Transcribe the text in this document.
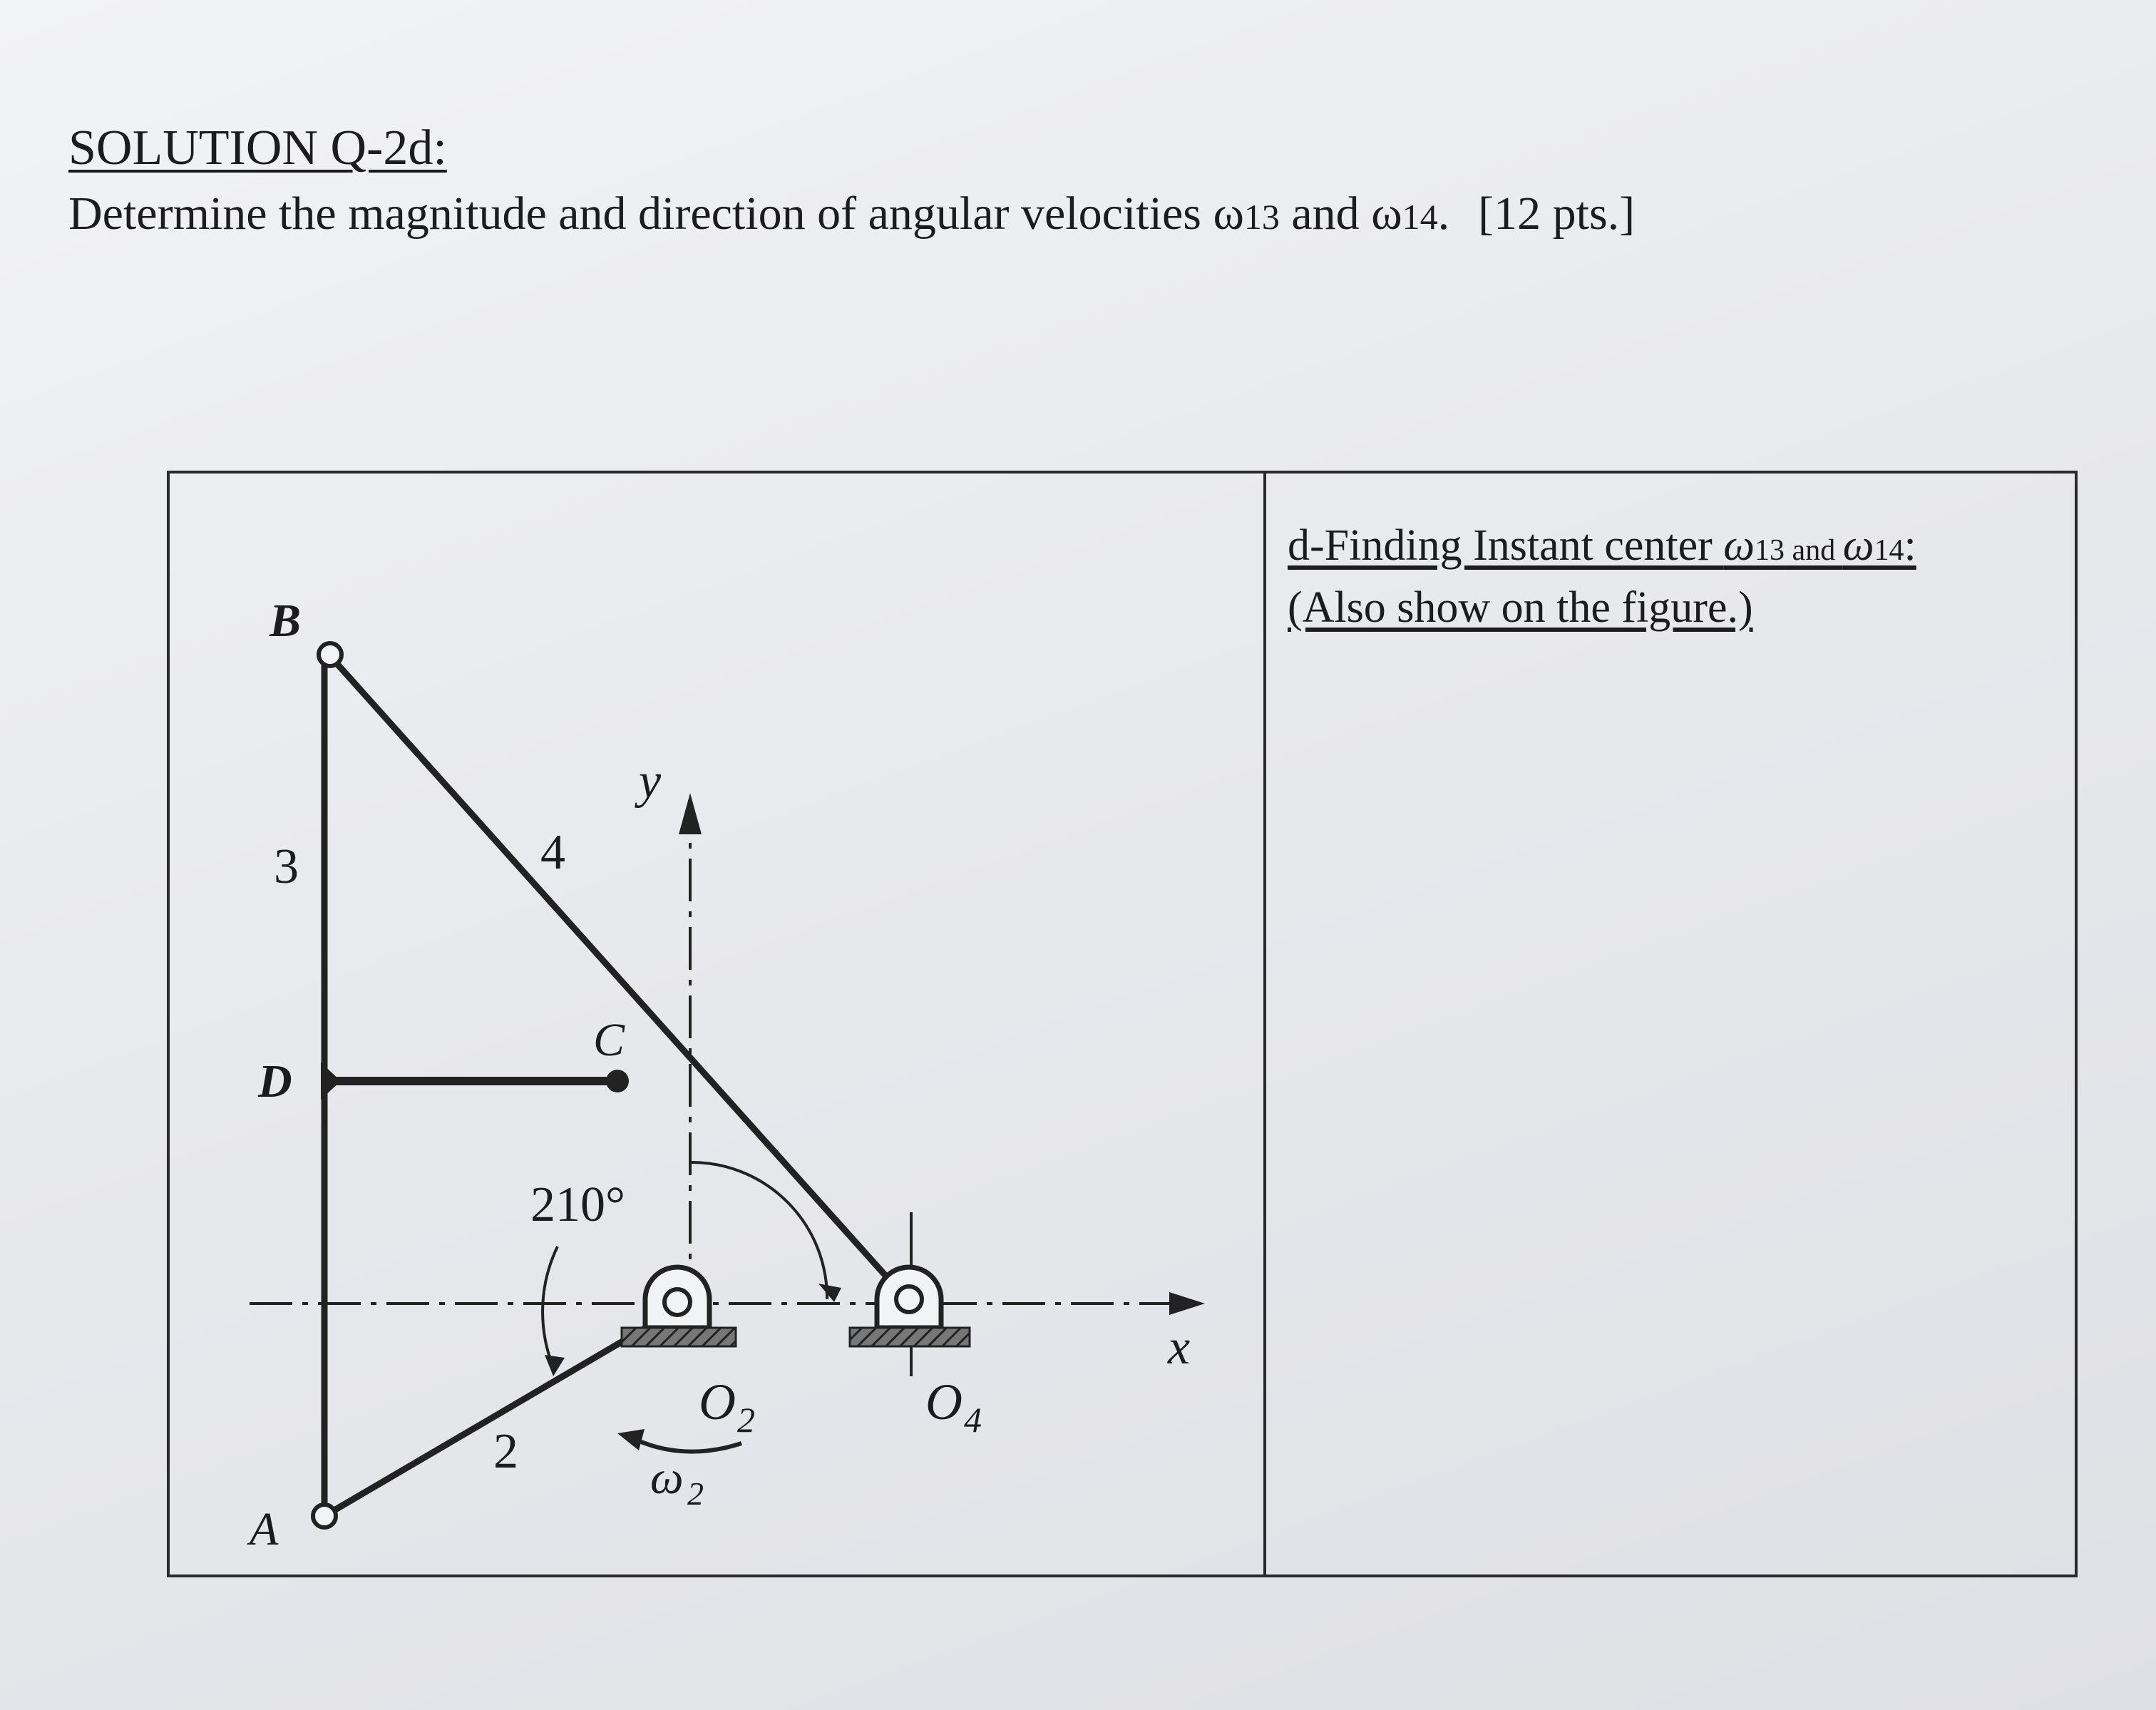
SOLUTION Q-2d:
Determine the magnitude and direction of angular velocities ω13 and ω14. [12 pts.]
d-Finding Instant center ω13 and ω14:
(Also show on the figure.)
B
A
C
D
3	4
2
210°
y
x
O 2	O 4
ω 2
